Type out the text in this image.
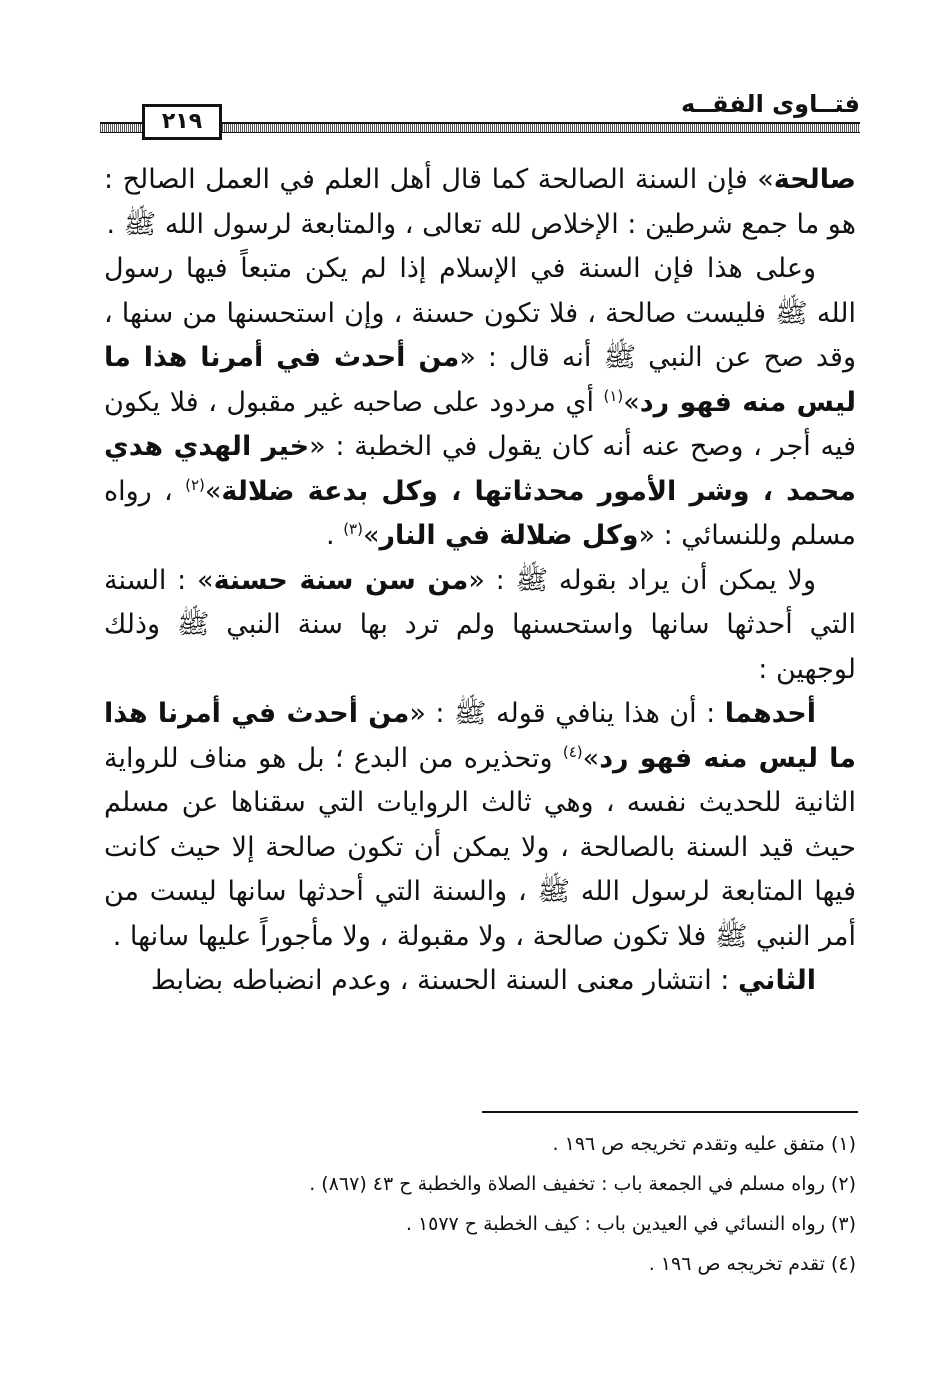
فتــاوى الفقــه
٢١٩

صالحة» فإن السنة الصالحة كما قال أهل العلم في العمل الصالح : هو ما جمع شرطين : الإخلاص لله تعالى ، والمتابعة لرسول الله ﷺ .

وعلى هذا فإن السنة في الإسلام إذا لم يكن متبعاً فيها رسول الله ﷺ فليست صالحة ، فلا تكون حسنة ، وإن استحسنها من سنها ، وقد صح عن النبي ﷺ أنه قال : «من أحدث في أمرنا هذا ما ليس منه فهو رد»$^{(١)}$ أي مردود على صاحبه غير مقبول ، فلا يكون فيه أجر ، وصح عنه أنه كان يقول في الخطبة : «خير الهدي هدي محمد ، وشر الأمور محدثاتها ، وكل بدعة ضلالة»$^{(٢)}$ ، رواه مسلم وللنسائي : «وكل ضلالة في النار»$^{(٣)}$ .

ولا يمكن أن يراد بقوله ﷺ : «من سن سنة حسنة» : السنة التي أحدثها سانها واستحسنها ولم ترد بها سنة النبي ﷺ وذلك لوجهين :

أحدهما : أن هذا ينافي قوله ﷺ : «من أحدث في أمرنا هذا ما ليس منه فهو رد»$^{(٤)}$ وتحذيره من البدع ؛ بل هو مناف للرواية الثانية للحديث نفسه ، وهي ثالث الروايات التي سقناها عن مسلم حيث قيد السنة بالصالحة ، ولا يمكن أن تكون صالحة إلا حيث كانت فيها المتابعة لرسول الله ﷺ ، والسنة التي أحدثها سانها ليست من أمر النبي ﷺ فلا تكون صالحة ، ولا مقبولة ، ولا مأجوراً عليها سانها .

الثاني : انتشار معنى السنة الحسنة ، وعدم انضباطه بضابط

(١) متفق عليه وتقدم تخريجه ص ١٩٦ .

(٢) رواه مسلم في الجمعة باب : تخفيف الصلاة والخطبة ح ٤٣ (٨٦٧) .

(٣) رواه النسائي في العيدين باب : كيف الخطبة ح ١٥٧٧ .

(٤) تقدم تخريجه ص ١٩٦ .
